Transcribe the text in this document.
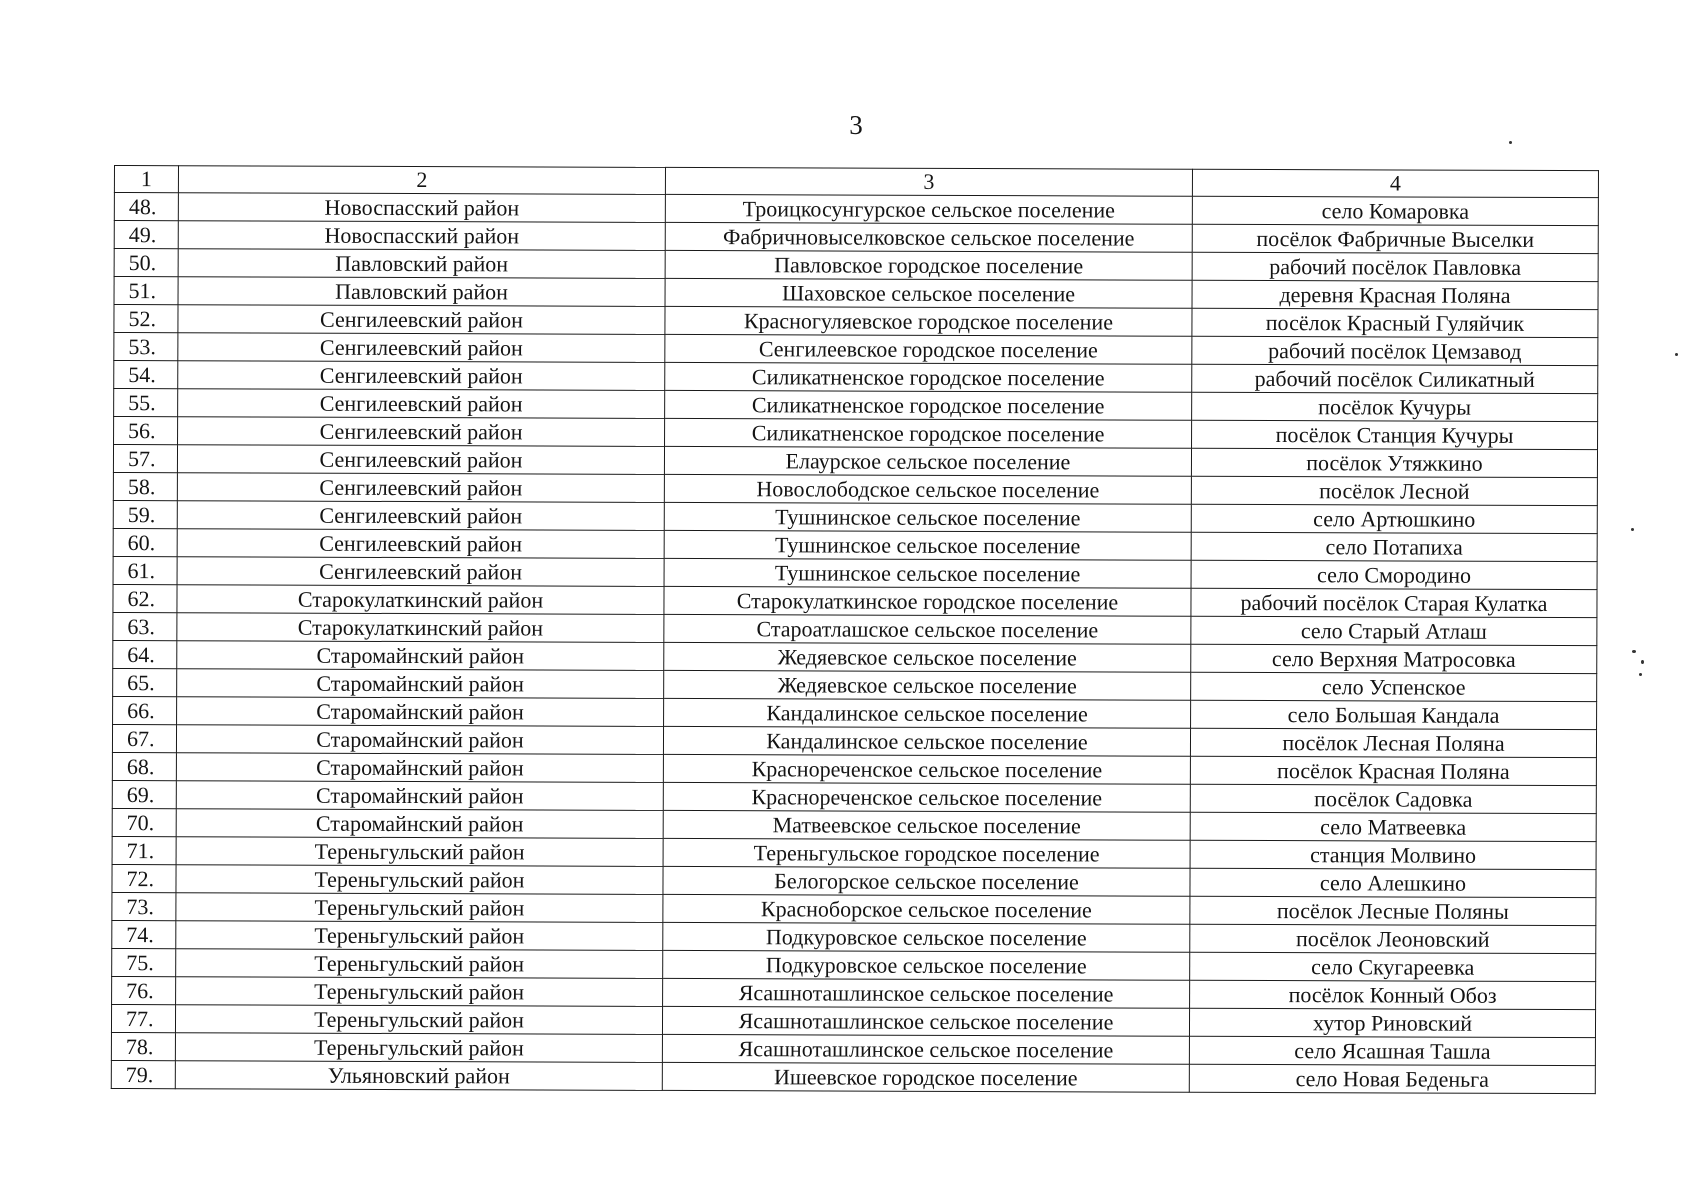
3
1	2	3	4
48.	Новоспасский район	Троицкосунгурское сельское поселение	село Комаровка
49.	Новоспасский район	Фабричновыселковское сельское поселение	посёлок Фабричные Выселки
50.	Павловский район	Павловское городское поселение	рабочий посёлок Павловка
51.	Павловский район	Шаховское сельское поселение	деревня Красная Поляна
52.	Сенгилеевский район	Красногуляевское городское поселение	посёлок Красный Гуляйчик
53.	Сенгилеевский район	Сенгилеевское городское поселение	рабочий посёлок Цемзавод
54.	Сенгилеевский район	Силикатненское городское поселение	рабочий посёлок Силикатный
55.	Сенгилеевский район	Силикатненское городское поселение	посёлок Кучуры
56.	Сенгилеевский район	Силикатненское городское поселение	посёлок Станция Кучуры
57.	Сенгилеевский район	Елаурское сельское поселение	посёлок Утяжкино
58.	Сенгилеевский район	Новослободское сельское поселение	посёлок Лесной
59.	Сенгилеевский район	Тушнинское сельское поселение	село Артюшкино
60.	Сенгилеевский район	Тушнинское сельское поселение	село Потапиха
61.	Сенгилеевский район	Тушнинское сельское поселение	село Смородино
62.	Старокулаткинский район	Старокулаткинское городское поселение	рабочий посёлок Старая Кулатка
63.	Старокулаткинский район	Староатлашское сельское поселение	село Старый Атлаш
64.	Старомайнский район	Жедяевское сельское поселение	село Верхняя Матросовка
65.	Старомайнский район	Жедяевское сельское поселение	село Успенское
66.	Старомайнский район	Кандалинское сельское поселение	село Большая Кандала
67.	Старомайнский район	Кандалинское сельское поселение	посёлок Лесная Поляна
68.	Старомайнский район	Краснореченское сельское поселение	посёлок Красная Поляна
69.	Старомайнский район	Краснореченское сельское поселение	посёлок Садовка
70.	Старомайнский район	Матвеевское сельское поселение	село Матвеевка
71.	Тереньгульский район	Тереньгульское городское поселение	станция Молвино
72.	Тереньгульский район	Белогорское сельское поселение	село Алешкино
73.	Тереньгульский район	Красноборское сельское поселение	посёлок Лесные Поляны
74.	Тереньгульский район	Подкуровское сельское поселение	посёлок Леоновский
75.	Тереньгульский район	Подкуровское сельское поселение	село Скугареевка
76.	Тереньгульский район	Ясашноташлинское сельское поселение	посёлок Конный Обоз
77.	Тереньгульский район	Ясашноташлинское сельское поселение	хутор Риновский
78.	Тереньгульский район	Ясашноташлинское сельское поселение	село Ясашная Ташла
79.	Ульяновский район	Ишеевское городское поселение	село Новая Беденьга
